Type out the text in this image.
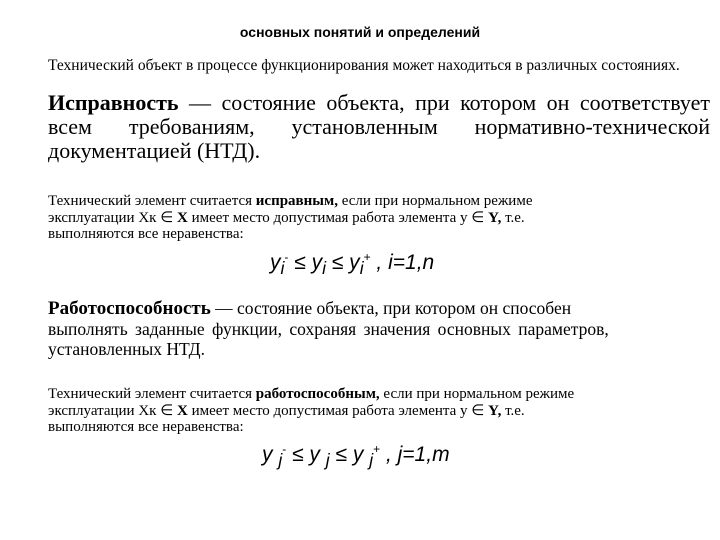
основных понятий и определений
Технический объект в процессе функционирования может находиться в различных состояниях.
Исправность — состояние объекта, при котором он соответствует всем требованиям, установленным нормативно-технической документацией (НТД).
Технический элемент считается исправным, если при нормальном режиме
эксплуатации Xк ∈ X имеет место допустимая работа элемента y ∈ Y, т.е.
выполняются все неравенства:
$y_i^- \le y_i \le y_i^+$ , i=1,n
Работоспособность — состояние объекта, при котором он способен
выполнять заданные функции, сохраняя значения основных параметров,
установленных НТД.
Технический элемент считается работоспособным, если при нормальном режиме
эксплуатации Xк ∈ X имеет место допустимая работа элемента y ∈ Y, т.е.
выполняются все неравенства:
y $_j$- ≤ y $_j$ ≤ y $_j$+ , j=1,m
